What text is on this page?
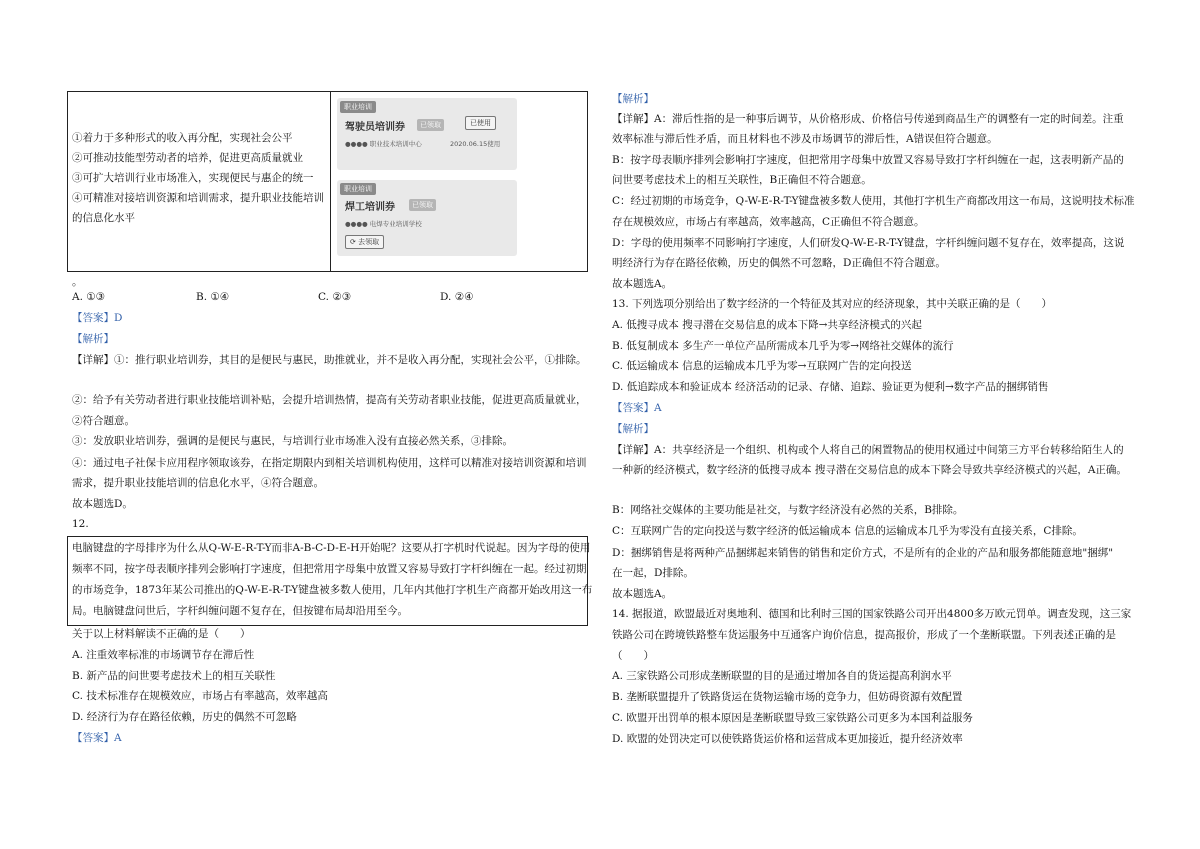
①着力于多种形式的收入再分配，实现社会公平
②可推动技能型劳动者的培养，促进更高质量就业
③可扩大培训行业市场准入，实现便民与惠企的统一
④可精准对接培训资源和培训需求，提升职业技能培训
的信息化水平
职业培训
驾驶员培训券	已领取	已使用
●●●● 职业技术培训中心	2020.06.15使用
职业培训
焊工培训券	已领取
●●●● 电焊专业培训学校
⟳ 去领取
。
A. ①③	B. ①④	C. ②③	D. ②④
【答案】D
【解析】
【详解】①：推行职业培训券，其目的是便民与惠民，助推就业，并不是收入再分配，实现社会公平，①排除。
②：给予有关劳动者进行职业技能培训补贴，会提升培训热情，提高有关劳动者职业技能，促进更高质量就业，
②符合题意。
③：发放职业培训券，强调的是便民与惠民，与培训行业市场准入没有直接必然关系，③排除。
④：通过电子社保卡应用程序领取该券，在指定期限内到相关培训机构使用，这样可以精准对接培训资源和培训
需求，提升职业技能培训的信息化水平，④符合题意。
故本题选D。
12.
电脑键盘的字母排序为什么从Q-W-E-R-T-Y而非A-B-C-D-E-H开始呢？这要从打字机时代说起。因为字母的使用
频率不同，按字母表顺序排列会影响打字速度，但把常用字母集中放置又容易导致打字杆纠缠在一起。经过初期
的市场竞争，1873年某公司推出的Q-W-E-R-T-Y键盘被多数人使用，几年内其他打字机生产商都开始改用这一布
局。电脑键盘问世后，字杆纠缠问题不复存在，但按键布局却沿用至今。
关于以上材料解读不正确的是（　　）
A. 注重效率标准的市场调节存在滞后性
B. 新产品的问世要考虑技术上的相互关联性
C. 技术标准存在规模效应，市场占有率越高，效率越高
D. 经济行为存在路径依赖，历史的偶然不可忽略
【答案】A
【解析】
【详解】A：滞后性指的是一种事后调节，从价格形成、价格信号传递到商品生产的调整有一定的时间差。注重
效率标准与滞后性矛盾，而且材料也不涉及市场调节的滞后性，A错误但符合题意。
B：按字母表顺序排列会影响打字速度，但把常用字母集中放置又容易导致打字杆纠缠在一起，这表明新产品的
问世要考虑技术上的相互关联性，B正确但不符合题意。
C：经过初期的市场竞争，Q-W-E-R-T-Y键盘被多数人使用，其他打字机生产商都改用这一布局，这说明技术标准
存在规模效应，市场占有率越高，效率越高，C正确但不符合题意。
D：字母的使用频率不同影响打字速度，人们研发Q-W-E-R-T-Y键盘，字杆纠缠问题不复存在，效率提高，这说
明经济行为存在路径依赖，历史的偶然不可忽略，D正确但不符合题意。
故本题选A。
13. 下列选项分别给出了数字经济的一个特征及其对应的经济现象，其中关联正确的是（　　）
A. 低搜寻成本 搜寻潜在交易信息的成本下降→共享经济模式的兴起
B. 低复制成本 多生产一单位产品所需成本几乎为零→网络社交媒体的流行
C. 低运输成本 信息的运输成本几乎为零→互联网广告的定向投送
D. 低追踪成本和验证成本 经济活动的记录、存储、追踪、验证更为便利→数字产品的捆绑销售
【答案】A
【解析】
【详解】A：共享经济是一个组织、机构或个人将自己的闲置物品的使用权通过中间第三方平台转移给陌生人的
一种新的经济模式，数字经济的低搜寻成本 搜寻潜在交易信息的成本下降会导致共享经济模式的兴起，A正确。
B：网络社交媒体的主要功能是社交，与数字经济没有必然的关系，B排除。
C：互联网广告的定向投送与数字经济的低运输成本 信息的运输成本几乎为零没有直接关系，C排除。
D：捆绑销售是将两种产品捆绑起来销售的销售和定价方式，不是所有的企业的产品和服务都能随意地"捆绑"
在一起，D排除。
故本题选A。
14. 据报道，欧盟最近对奥地利、德国和比利时三国的国家铁路公司开出4800多万欧元罚单。调查发现，这三家
铁路公司在跨境铁路整车货运服务中互通客户询价信息，提高报价，形成了一个垄断联盟。下列表述正确的是
（　　）
A. 三家铁路公司形成垄断联盟的目的是通过增加各自的货运提高利润水平
B. 垄断联盟提升了铁路货运在货物运输市场的竞争力，但妨碍资源有效配置
C. 欧盟开出罚单的根本原因是垄断联盟导致三家铁路公司更多为本国利益服务
D. 欧盟的处罚决定可以使铁路货运价格和运营成本更加接近，提升经济效率
